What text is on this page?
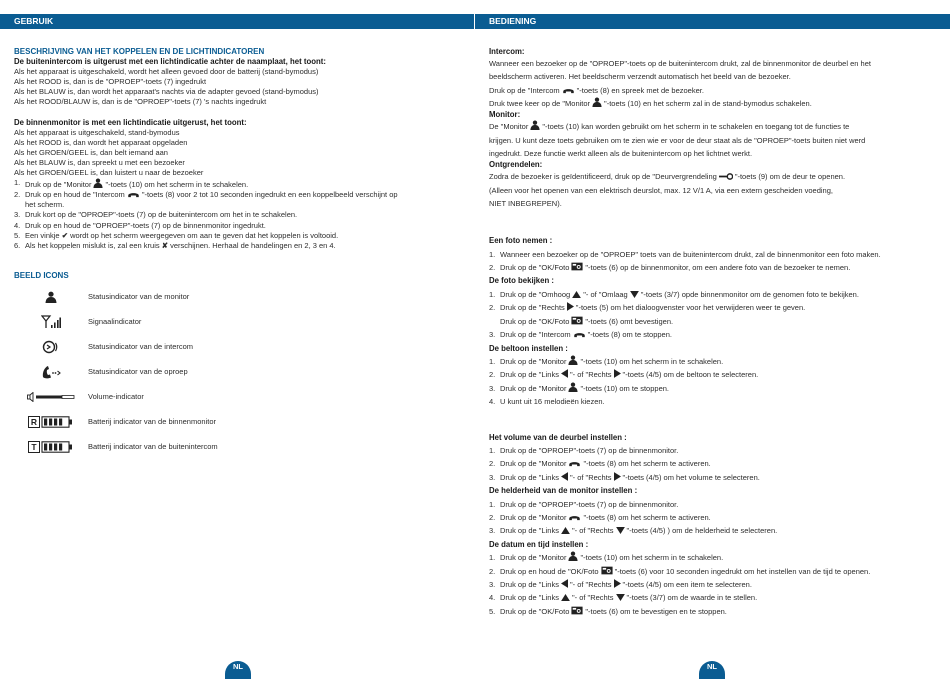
GEBRUIK	BEDIENING
BESCHRIJVING VAN HET KOPPELEN EN DE LICHTINDICATOREN
De buitenintercom is uitgerust met een lichtindicatie achter de naamplaat, het toont:
Als het apparaat is uitgeschakeld, wordt het alleen gevoed door de batterij (stand-bymodus)
Als het ROOD is, dan is de "OPROEP"-toets (7) ingedrukt
Als het BLAUW is, dan wordt het apparaat's nachts via de adapter gevoed (stand-bymodus)
Als het ROOD/BLAUW is, dan is de "OPROEP"-toets (7) 's nachts ingedrukt
De binnenmonitor is met een lichtindicatie uitgerust, het toont:
Als het apparaat is uitgeschakeld, stand-bymodus
Als het ROOD is, dan wordt het apparaat opgeladen
Als het GROEN/GEEL is, dan belt iemand aan
Als het BLAUW is, dan spreekt u met een bezoeker
Als het GROEN/GEEL is, dan luistert u naar de bezoeker
1. Druk op de "Monitor "-toets (10) om het scherm in te schakelen.
2. Druk op en houd de "Intercom "-toets (8) voor 2 tot 10 seconden ingedrukt en een koppelbeeld verschijnt op
het scherm.
3. Druk kort op de "OPROEP"-toets (7) op de buitenintercom om het in te schakelen.
4. Druk op en houd de "OPROEP"-toets (7) op de binnenmonitor ingedrukt.
5. Een vinkje ✔ wordt op het scherm weergegeven om aan te geven dat het koppelen is voltooid.
6. Als het koppelen mislukt is, zal een kruis ✘ verschijnen. Herhaal de handelingen en 2, 3 en 4.
BEELD ICONS
Statusindicator van de monitor
Signaalindicator
Statusindicator van de intercom
Statusindicator van de oproep
Volume-indicator
R	Batterij indicator van de binnenmonitor
T	Batterij indicator van de buitenintercom
Intercom:
Wanneer een bezoeker op de "OPROEP"-toets op de buitenintercom drukt, zal de binnenmonitor de deurbel en het
beeldscherm activeren. Het beeldscherm verzendt automatisch het beeld van de bezoeker.
Druk op de "Intercom "-toets (8) en spreek met de bezoeker.
Druk twee keer op de "Monitor "-toets (10) en het scherm zal in de stand-bymodus schakelen.
Monitor:
De "Monitor "-toets (10) kan worden gebruikt om het scherm in te schakelen en toegang tot de functies te
krijgen. U kunt deze toets gebruiken om te zien wie er voor de deur staat als de "OPROEP"-toets buiten niet werd
ingedrukt. Deze functie werkt alleen als de buitenintercom op het lichtnet werkt.
Ontgrendelen:
Zodra de bezoeker is geïdentificeerd, druk op de "Deurvergrendeling "-toets (9) om de deur te openen.
(Alleen voor het openen van een elektrisch deurslot, max. 12 V/1 A, via een extern gescheiden voeding,
NIET INBEGREPEN).
Een foto nemen :
1. Wanneer een bezoeker op de "OPROEP" toets van de buitenintercom drukt, zal de binnenmonitor een foto maken.
2. Druk op de "OK/Foto "-toets (6) op de binnenmonitor, om een andere foto van de bezoeker te nemen.
De foto bekijken :
1. Druk op de "Omhoog "- of "Omlaag "-toets (3/7) opde binnenmonitor om de genomen foto te bekijken.
2. Druk op de "Rechts "-toets (5) om het dialoogvenster voor het verwijderen weer te geven.
Druk op de "OK/Foto "-toets (6) omt bevestigen.
3. Druk op de "Intercom "-toets (8) om te stoppen.
De beltoon instellen :
1. Druk op de "Monitor "-toets (10) om het scherm in te schakelen.
2. Druk op de "Links "- of "Rechts "-toets (4/5) om de beltoon te selecteren.
3. Druk op de "Monitor "-toets (10) om te stoppen.
4. U kunt uit 16 melodieën kiezen.
Het volume van de deurbel instellen :
1. Druk op de "OPROEP"-toets (7) op de binnenmonitor.
2. Druk op de "Monitor "-toets (8) om het scherm te activeren.
3. Druk op de "Links "- of "Rechts "-toets (4/5) om het volume te selecteren.
De helderheid van de monitor instellen :
1. Druk op de "OPROEP"-toets (7) op de binnenmonitor.
2. Druk op de "Monitor "-toets (8) om het scherm te activeren.
3. Druk op de "Links "- of "Rechts "-toets (4/5) ) om de helderheid te selecteren.
De datum en tijd instellen :
1. Druk op de "Monitor "-toets (10) om het scherm in te schakelen.
2. Druk op en houd de "OK/Foto "-toets (6) voor 10 seconden ingedrukt om het instellen van de tijd te openen.
3. Druk op de "Links "- of "Rechts "-toets (4/5) om een item te selecteren.
4. Druk op de "Links "- of "Rechts "-toets (3/7) om de waarde in te stellen.
5. Druk op de "OK/Foto "-toets (6) om te bevestigen en te stoppen.
NL	NL
